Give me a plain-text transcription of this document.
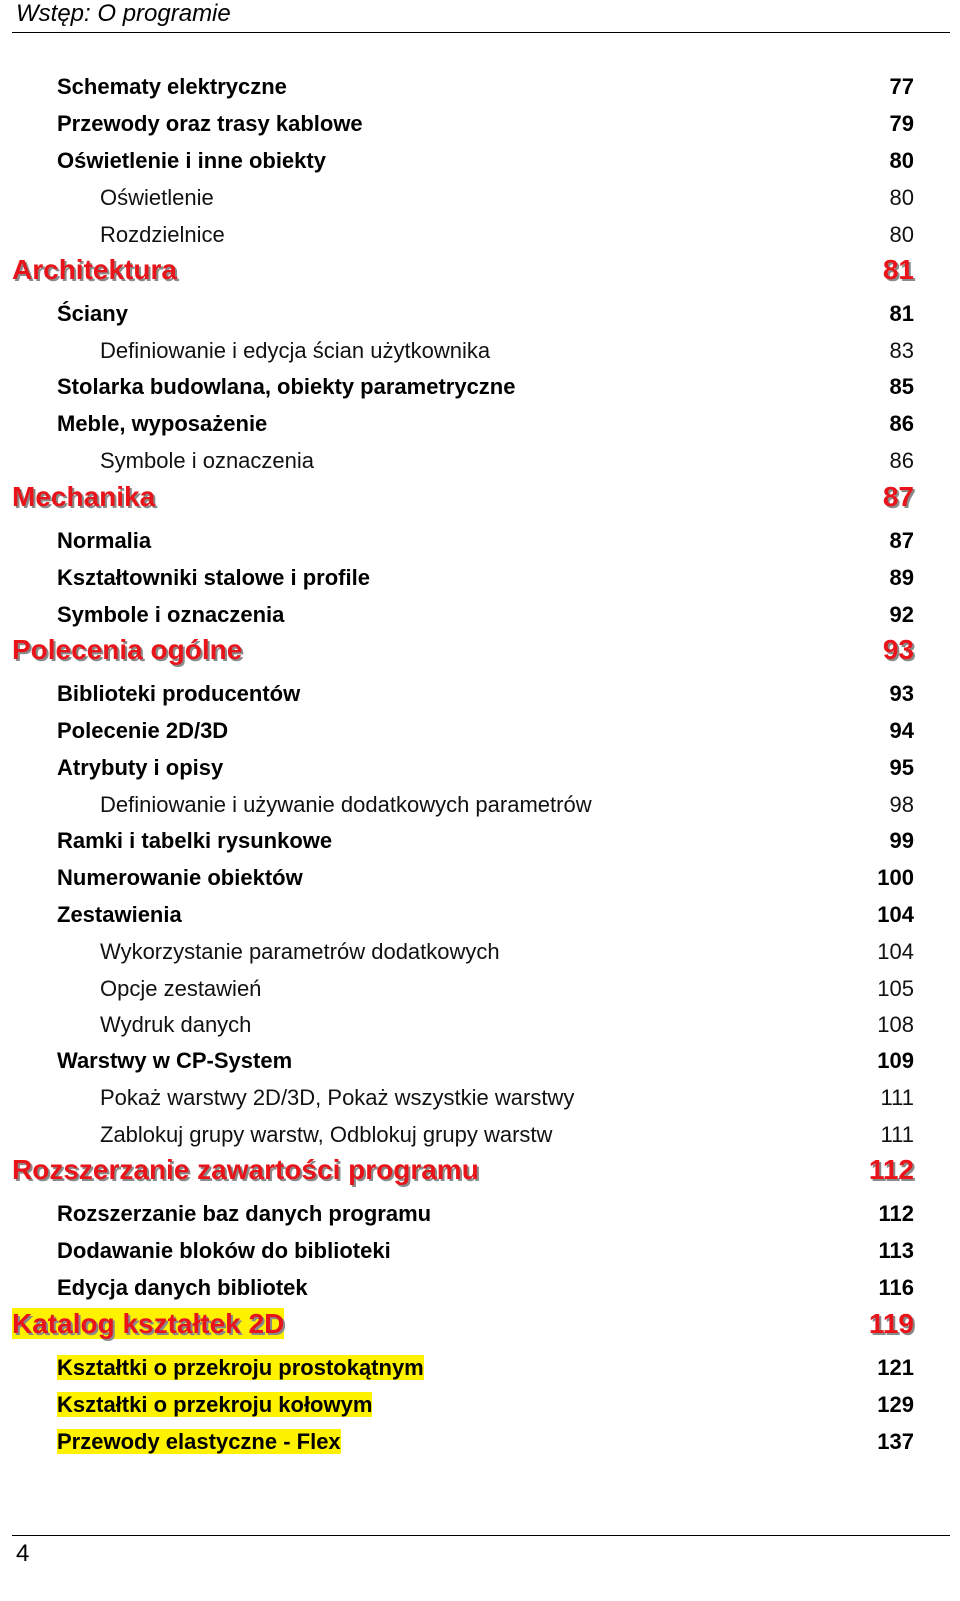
Wstęp: O programie
Schematy elektryczne	77
Przewody oraz trasy kablowe	79
Oświetlenie i inne obiekty	80
Oświetlenie	80
Rozdzielnice	80
Architektura	81
Ściany	81
Definiowanie i edycja ścian użytkownika	83
Stolarka budowlana, obiekty parametryczne	85
Meble, wyposażenie	86
Symbole i oznaczenia	86
Mechanika	87
Normalia	87
Kształtowniki stalowe i profile	89
Symbole i oznaczenia	92
Polecenia ogólne	93
Biblioteki producentów	93
Polecenie 2D/3D	94
Atrybuty i opisy	95
Definiowanie i używanie dodatkowych parametrów	98
Ramki i tabelki rysunkowe	99
Numerowanie obiektów	100
Zestawienia	104
Wykorzystanie parametrów dodatkowych	104
Opcje zestawień	105
Wydruk danych	108
Warstwy w CP-System	109
Pokaż warstwy 2D/3D, Pokaż wszystkie warstwy	111
Zablokuj grupy warstw, Odblokuj grupy warstw	111
Rozszerzanie zawartości programu	112
Rozszerzanie baz danych programu	112
Dodawanie bloków do biblioteki	113
Edycja danych bibliotek	116
Katalog kształtek 2D	119
Kształtki o przekroju prostokątnym	121
Kształtki o przekroju kołowym	129
Przewody elastyczne - Flex	137
4
